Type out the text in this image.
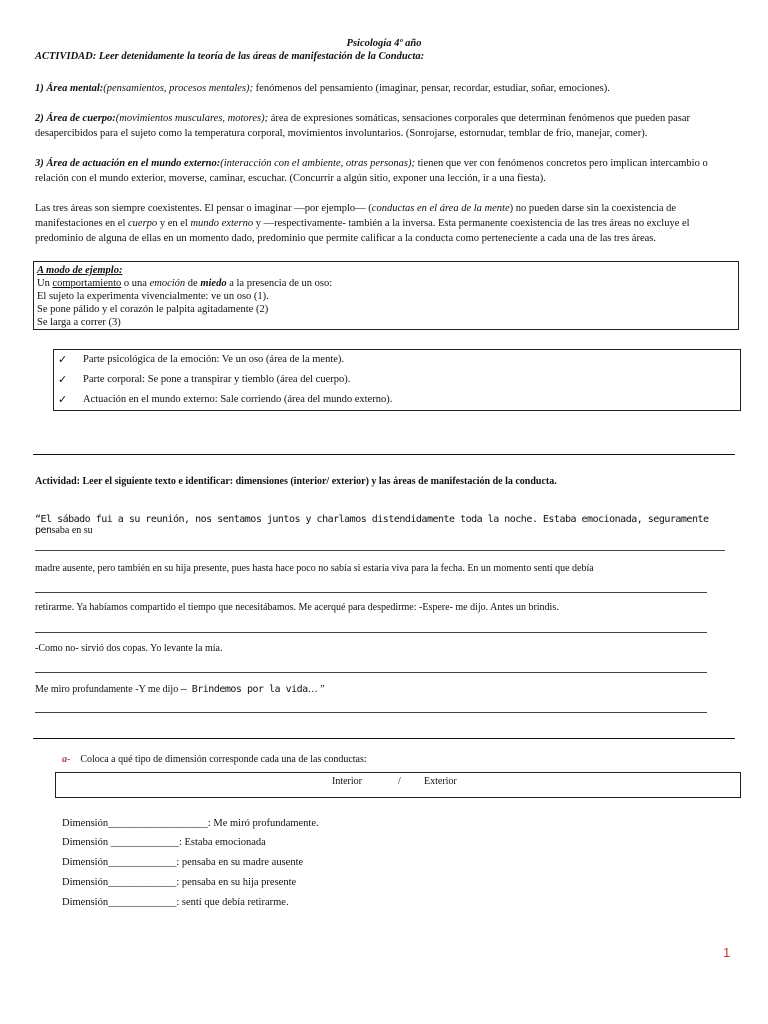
Psicología 4º año
ACTIVIDAD: Leer detenidamente la teoría de las áreas de manifestación de la Conducta:

1) Área mental:(pensamientos, procesos mentales); fenómenos del pensamiento (imaginar, pensar, recordar, estudiar, soñar, emociones).

2) Área de cuerpo:(movimientos musculares, motores); área de expresiones somáticas, sensaciones corporales que determinan fenómenos que pueden pasar desapercibidos para el sujeto como la temperatura corporal, movimientos involuntarios. (Sonrojarse, estornudar, temblar de frío, manejar, comer).

3) Área de actuación en el mundo externo:(interacción con el ambiente, otras personas); tienen que ver con fenómenos concretos pero implican intercambio o relación con el mundo exterior, moverse, caminar, escuchar. (Concurrir a algún sitio, exponer una lección, ir a una fiesta).

Las tres áreas son siempre coexistentes. El pensar o imaginar —por ejemplo— (conductas en el área de la mente) no pueden darse sin la coexistencia de manifestaciones en el cuerpo y en el mundo externo y —respectivamente- también a la inversa. Esta permanente coexistencia de las tres áreas no excluye el predominio de alguna de ellas en un momento dado, predominio que permite calificar a la conducta como perteneciente a cada una de las tres áreas.

A modo de ejemplo:
Un comportamiento o una emoción de miedo a la presencia de un oso:
El sujeto la experimenta vivencialmente: ve un oso (1).
Se pone pálido y el corazón le palpita agitadamente (2)
Se larga a correr (3)
✓	Parte psicológica de la emoción: Ve un oso (área de la mente).
✓	Parte corporal: Se pone a transpirar y tiemblo (área del cuerpo).
✓	Actuación en el mundo externo: Sale corriendo (área del mundo externo).
Actividad: Leer el siguiente texto e identificar: dimensiones (interior/ exterior) y las áreas de manifestación de la conducta.
“El sábado fui a su reunión, nos sentamos juntos y charlamos distendidamente toda la noche. Estaba emocionada, seguramente pensaba en su
madre ausente, pero también en su hija presente, pues hasta hace poco no sabía si estaría viva para la fecha. En un momento sentí que debía
retirarme. Ya habíamos compartido el tiempo que necesitábamos. Me acerqué para despedirme: -Espere- me dijo. Antes un brindis.
-Como no- sirvió dos copas. Yo levante la mía.
Me miro profundamente -Y me dijo – Brindemos por la vida… ”
a- Coloca a qué tipo de dimensión corresponde cada una de las conductas:
Interior	/ Exterior
Dimensión___________________: Me miró profundamente.
Dimensión _____________: Estaba emocionada
Dimensión_____________: pensaba en su madre ausente
Dimensión_____________: pensaba en su hija presente
Dimensión_____________: sentí que debía retirarme.
1
